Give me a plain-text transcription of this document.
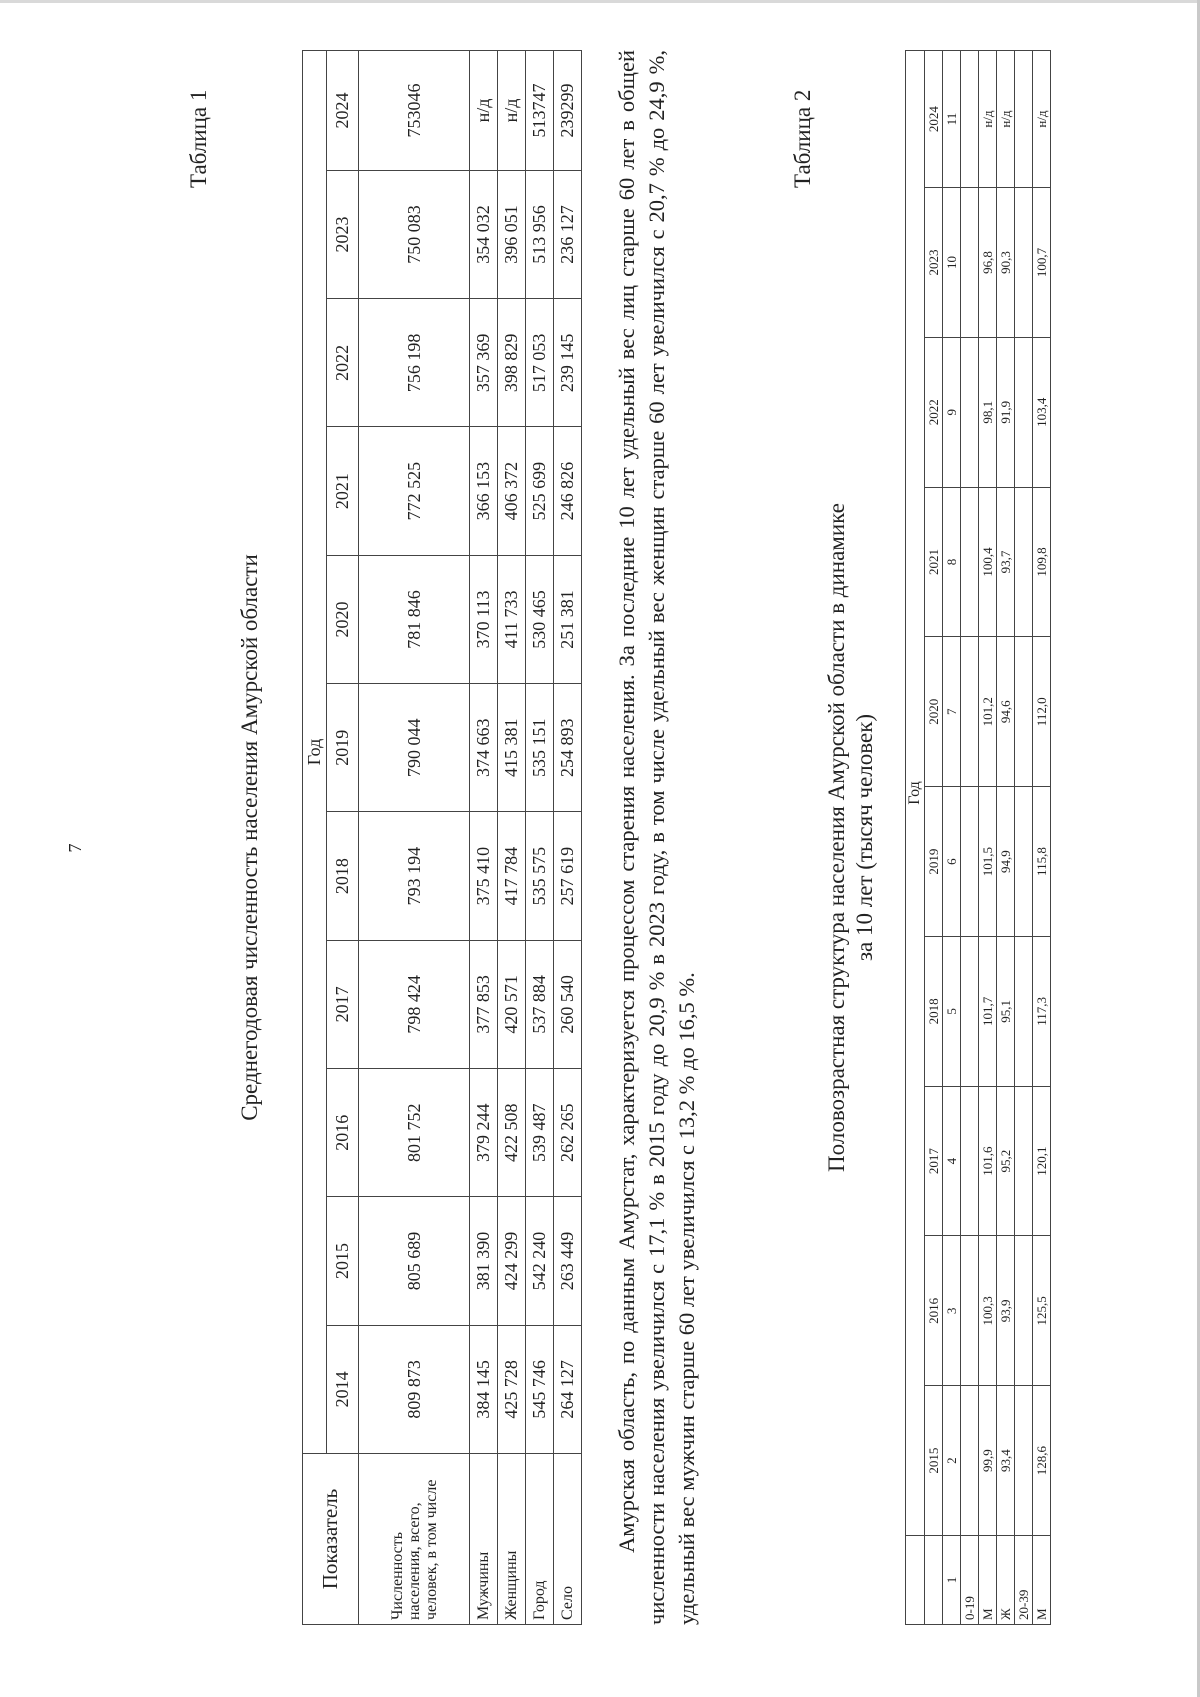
7
Таблица 1
Среднегодовая численность населения Амурской области
Показатель	Год										
	2014	2015	2016	2017	2018	2019	2020	2021	2022	2023	2024
Численность населения, всего, человек, в том числе	809 873	805 689	801 752	798 424	793 194	790 044	781 846	772 525	756 198	750 083	753046
Мужчины	384 145	381 390	379 244	377 853	375 410	374 663	370 113	366 153	357 369	354 032	н/д
Женщины	425 728	424 299	422 508	420 571	417 784	415 381	411 733	406 372	398 829	396 051	н/д
Город	545 746	542 240	539 487	537 884	535 575	535 151	530 465	525 699	517 053	513 956	513747
Село	264 127	263 449	262 265	260 540	257 619	254 893	251 381	246 826	239 145	236 127	239299 Амурская область, по данным Амурстат, характеризуется процессом старения населения. За последние 10 лет удельный вес лиц старше 60 лет в общей численности населения увеличился с 17,1 % в 2015 году до 20,9 % в 2023 году, в том числе удельный вес женщин старше 60 лет увеличился с 20,7 % до 24,9 %, удельный вес мужчин старше 60 лет увеличился с 13,2 % до 16,5 %.

Таблица 2
Половозрастная структура населения Амурской области в динамике за 10 лет (тысяч человек)
	Год									
	2015	2016	2017	2018	2019	2020	2021	2022	2023	2024
1	2	3	4	5	6	7	8	9	10	11
0-19										
М	99,9	100,3	101,6	101,7	101,5	101,2	100,4	98,1	96,8	н/д
Ж	93,4	93,9	95,2	95,1	94,9	94,6	93,7	91,9	90,3	н/д
20-39										
М	128,6	125,5	120,1	117,3	115,8	112,0	109,8	103,4	100,7	н/д
